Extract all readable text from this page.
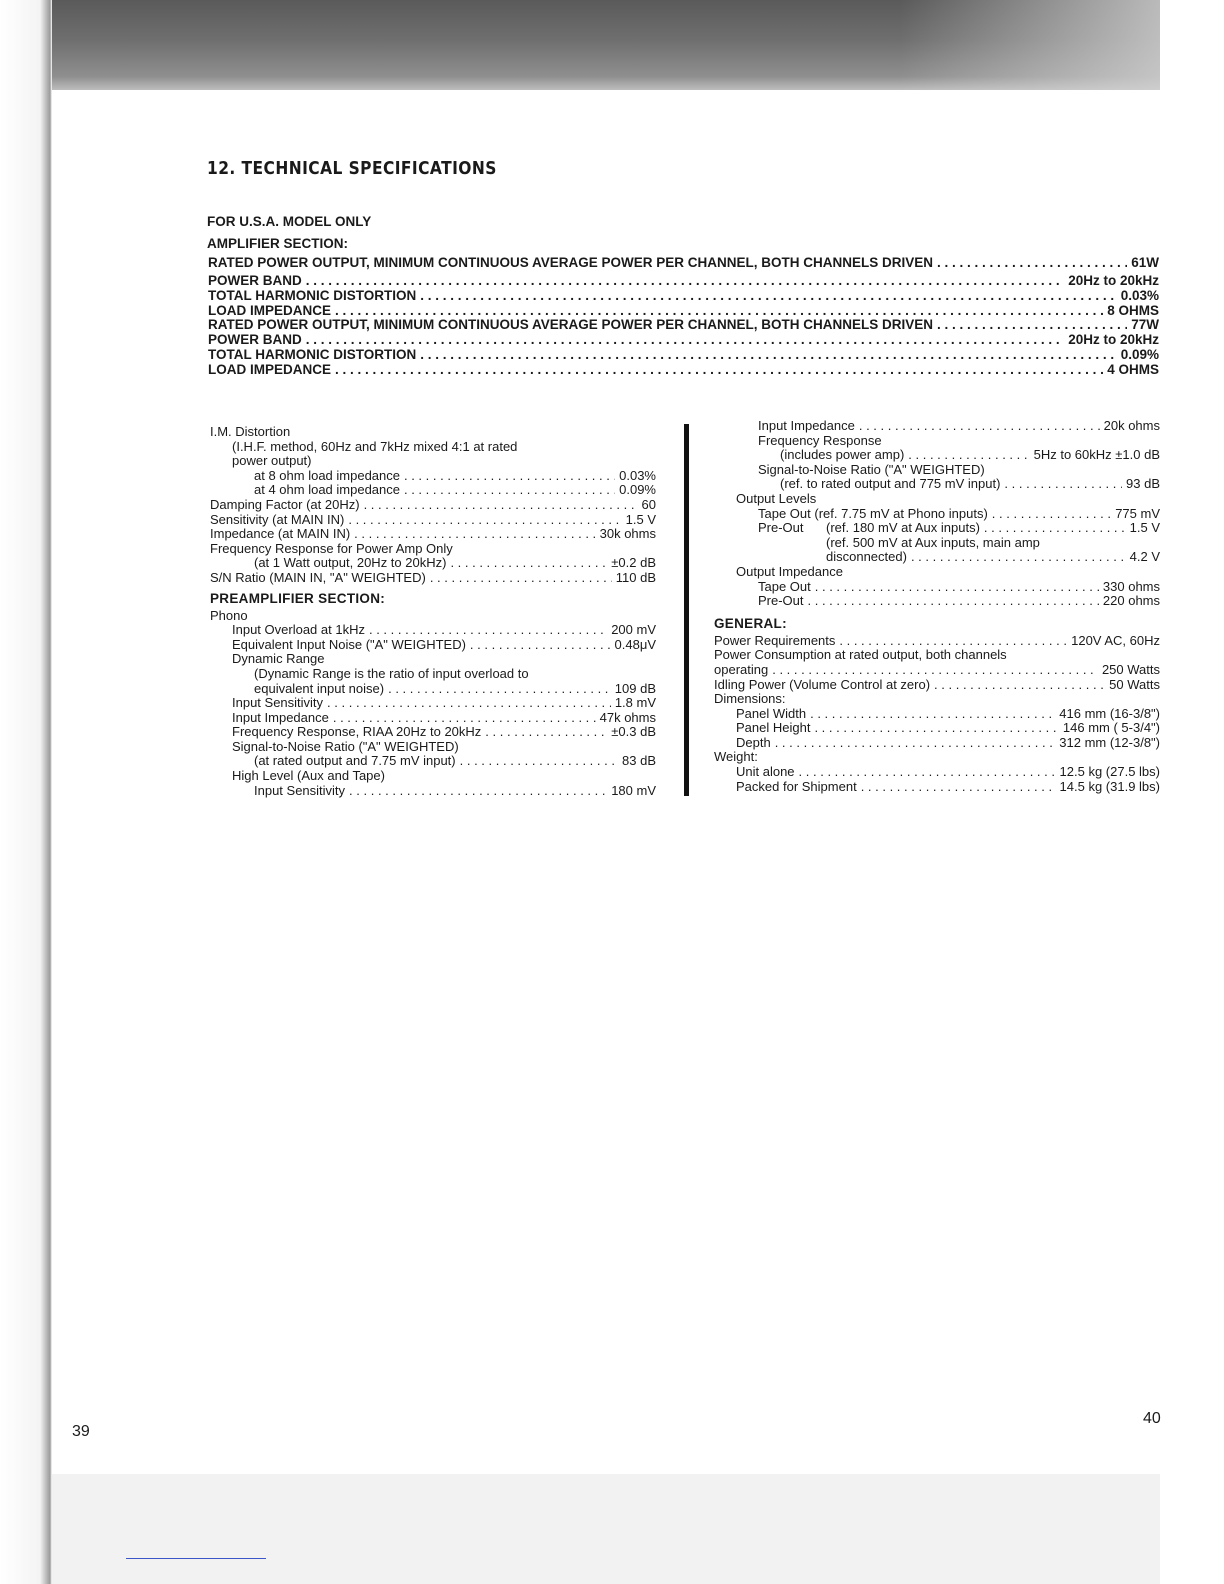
12. TECHNICAL SPECIFICATIONS
FOR U.S.A. MODEL ONLY
AMPLIFIER SECTION:
RATED POWER OUTPUT, MINIMUM CONTINUOUS AVERAGE POWER PER CHANNEL, BOTH CHANNELS DRIVEN . . .	61W
POWER BAND . . .	20Hz to 20kHz
TOTAL HARMONIC DISTORTION . . .	0.03%
LOAD IMPEDANCE . . .	8 OHMS
RATED POWER OUTPUT, MINIMUM CONTINUOUS AVERAGE POWER PER CHANNEL, BOTH CHANNELS DRIVEN . . .	77W
POWER BAND . . .	20Hz to 20kHz
TOTAL HARMONIC DISTORTION . . .	0.09%
LOAD IMPEDANCE . . .	4 OHMS
I.M. Distortion
(I.H.F. method, 60Hz and 7kHz mixed 4:1 at rated
power output)
at 8 ohm load impedance . . .	0.03%
at 4 ohm load impedance . . .	0.09%
Damping Factor (at 20Hz) . . .	60
Sensitivity (at MAIN IN) . . .	1.5 V
Impedance (at MAIN IN) . . .	30k ohms
Frequency Response for Power Amp Only
(at 1 Watt output, 20Hz to 20kHz) . . .	±0.2 dB
S/N Ratio (MAIN IN, "A" WEIGHTED) . . .	110 dB
PREAMPLIFIER SECTION:
Phono
Input Overload at 1kHz . . .	200 mV
Equivalent Input Noise ("A" WEIGHTED) . . .	0.48μV
Dynamic Range
(Dynamic Range is the ratio of input overload to
equivalent input noise) . . .	109 dB
Input Sensitivity . . .	1.8 mV
Input Impedance . . .	47k ohms
Frequency Response, RIAA 20Hz to 20kHz . . .	±0.3 dB
Signal-to-Noise Ratio ("A" WEIGHTED)
(at rated output and 7.75 mV input) . . .	83 dB
High Level (Aux and Tape)
Input Sensitivity . . .	180 mV
Input Impedance . . .	20k ohms
Frequency Response
(includes power amp) . . .	5Hz to 60kHz ±1.0 dB
Signal-to-Noise Ratio ("A" WEIGHTED)
(ref. to rated output and 775 mV input) . . .	93 dB
Output Levels
Tape Out (ref. 7.75 mV at Phono inputs) . . .	775 mV
Pre-Out	(ref. 180 mV at Aux inputs) . . .	1.5 V
(ref. 500 mV at Aux inputs, main amp
disconnected) . . .	4.2 V
Output Impedance
Tape Out . . .	330 ohms
Pre-Out . . .	220 ohms
GENERAL:
Power Requirements . . .	120V AC, 60Hz
Power Consumption at rated output, both channels
operating . . .	250 Watts
Idling Power (Volume Control at zero) . . .	50 Watts
Dimensions:
Panel Width . . .	416 mm (16-3/8")
Panel Height . . .	146 mm ( 5-3/4")
Depth . . .	312 mm (12-3/8")
Weight:
Unit alone . . .	12.5 kg (27.5 lbs)
Packed for Shipment . . .	14.5 kg (31.9 lbs)
39
40
